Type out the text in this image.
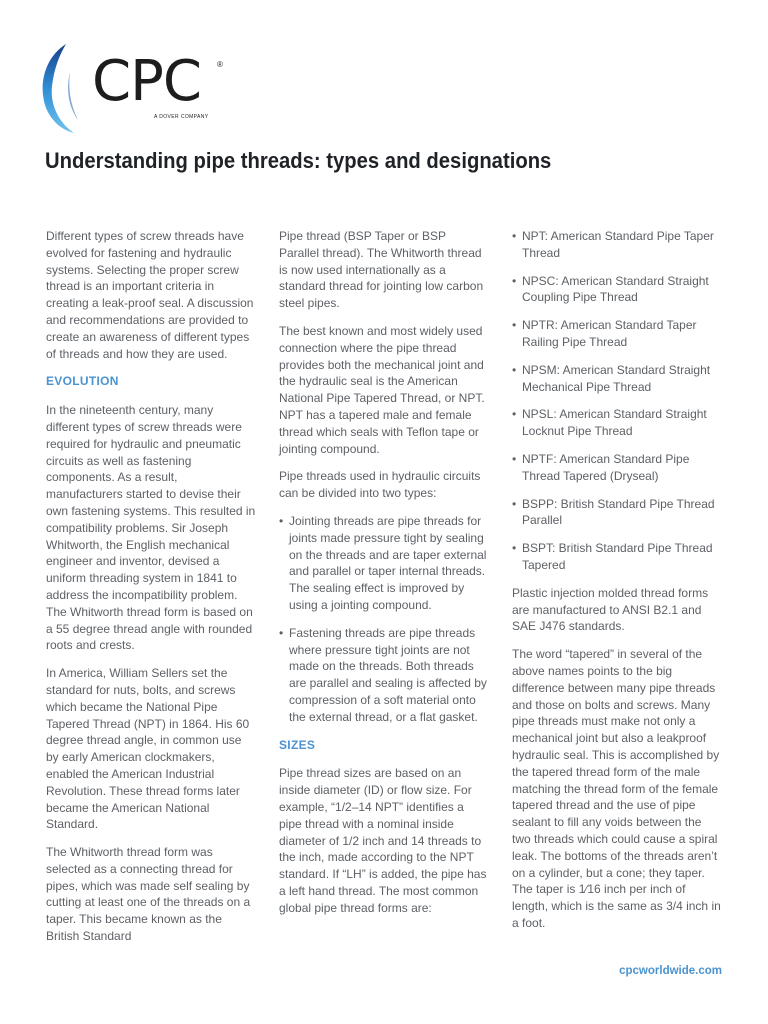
CPC ®
A DOVER COMPANY
Understanding pipe threads: types and designations

Different types of screw threads have evolved for fastening and hydraulic systems. Selecting the proper screw thread is an important criteria in creating a leak-proof seal. A discussion and recommendations are provided to create an awareness of different types of threads and how they are used.

EVOLUTION

In the nineteenth century, many different types of screw threads were required for hydraulic and pneumatic circuits as well as fastening components. As a result, manufacturers started to devise their own fastening systems. This resulted in compatibility problems. Sir Joseph Whitworth, the English mechanical engineer and inventor, devised a uniform threading system in 1841 to address the incompatibility problem. The Whitworth thread form is based on a 55 degree thread angle with rounded roots and crests.

In America, William Sellers set the standard for nuts, bolts, and screws which became the National Pipe Tapered Thread (NPT) in 1864. His 60 degree thread angle, in common use by early American clockmakers, enabled the American Industrial Revolution. These thread forms later became the American National Standard.

The Whitworth thread form was selected as a connecting thread for pipes, which was made self sealing by cutting at least one of the threads on a taper. This became known as the British Standard

Pipe thread (BSP Taper or BSP Parallel thread). The Whitworth thread is now used internationally as a standard thread for jointing low carbon steel pipes.

The best known and most widely used connection where the pipe thread provides both the mechanical joint and the hydraulic seal is the American National Pipe Tapered Thread, or NPT. NPT has a tapered male and female thread which seals with Teflon tape or jointing compound.

Pipe threads used in hydraulic circuits can be divided into two types:

• Jointing threads are pipe threads for joints made pressure tight by sealing on the threads and are taper external and parallel or taper internal threads. The sealing effect is improved by using a jointing compound.
• Fastening threads are pipe threads where pressure tight joints are not made on the threads. Both threads are parallel and sealing is affected by compression of a soft material onto the external thread, or a flat gasket.
SIZES

Pipe thread sizes are based on an inside diameter (ID) or flow size. For example, “1/2–14 NPT” identifies a pipe thread with a nominal inside diameter of 1/2 inch and 14 threads to the inch, made according to the NPT standard. If “LH” is added, the pipe has a left hand thread. The most common global pipe thread forms are:

• NPT: American Standard Pipe Taper Thread
• NPSC: American Standard Straight Coupling Pipe Thread
• NPTR: American Standard Taper Railing Pipe Thread
• NPSM: American Standard Straight Mechanical Pipe Thread
• NPSL: American Standard Straight Locknut Pipe Thread
• NPTF: American Standard Pipe Thread Tapered (Dryseal)
• BSPP: British Standard Pipe Thread Parallel
• BSPT: British Standard Pipe Thread Tapered

Plastic injection molded thread forms are manufactured to ANSI B2.1 and SAE J476 standards.

The word “tapered” in several of the above names points to the big difference between many pipe threads and those on bolts and screws. Many pipe threads must make not only a mechanical joint but also a leakproof hydraulic seal. This is accomplished by the tapered thread form of the male matching the thread form of the female tapered thread and the use of pipe sealant to fill any voids between the two threads which could cause a spiral leak. The bottoms of the threads aren’t on a cylinder, but a cone; they taper. The taper is 1⁄16 inch per inch of length, which is the same as 3/4 inch in a foot.

cpcworldwide.com
